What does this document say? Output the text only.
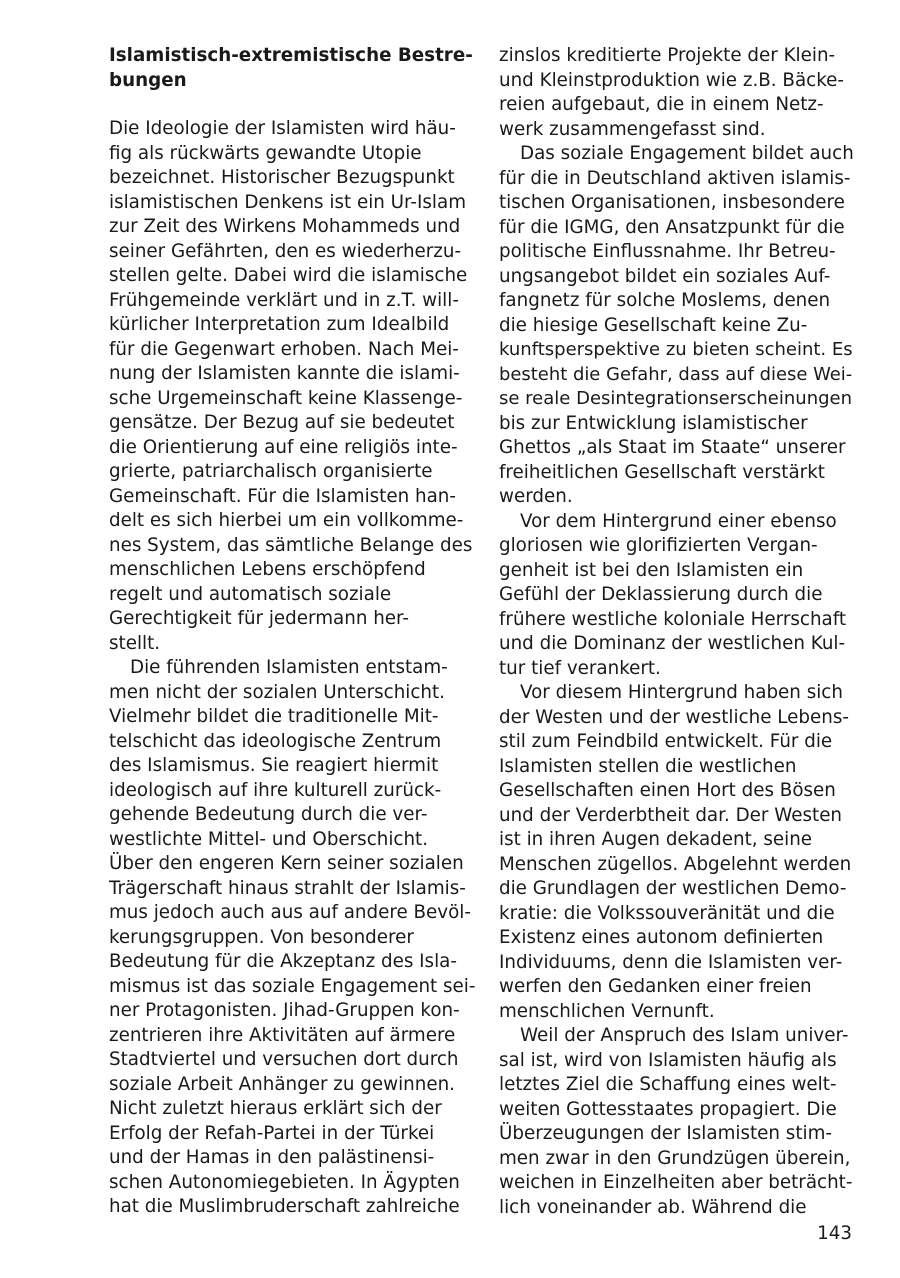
Islamistisch-extremistische Bestre-
bungen

Die Ideologie der Islamisten wird häu-
fig als rückwärts gewandte Utopie
bezeichnet. Historischer Bezugspunkt
islamistischen Denkens ist ein Ur-Islam
zur Zeit des Wirkens Mohammeds und
seiner Gefährten, den es wiederherzu-
stellen gelte. Dabei wird die islamische
Frühgemeinde verklärt und in z.T. will-
kürlicher Interpretation zum Idealbild
für die Gegenwart erhoben. Nach Mei-
nung der Islamisten kannte die islami-
sche Urgemeinschaft keine Klassenge-
gensätze. Der Bezug auf sie bedeutet
die Orientierung auf eine religiös inte-
grierte, patriarchalisch organisierte
Gemeinschaft. Für die Islamisten han-
delt es sich hierbei um ein vollkomme-
nes System, das sämtliche Belange des
menschlichen Lebens erschöpfend
regelt und automatisch soziale
Gerechtigkeit für jedermann her-
stellt.

Die führenden Islamisten entstam-
men nicht der sozialen Unterschicht.
Vielmehr bildet die traditionelle Mit-
telschicht das ideologische Zentrum
des Islamismus. Sie reagiert hiermit
ideologisch auf ihre kulturell zurück-
gehende Bedeutung durch die ver-
westlichte Mittel- und Oberschicht.
Über den engeren Kern seiner sozialen
Trägerschaft hinaus strahlt der Islamis-
mus jedoch auch aus auf andere Bevöl-
kerungsgruppen. Von besonderer
Bedeutung für die Akzeptanz des Isla-
mismus ist das soziale Engagement sei-
ner Protagonisten. Jihad-Gruppen kon-
zentrieren ihre Aktivitäten auf ärmere
Stadtviertel und versuchen dort durch
soziale Arbeit Anhänger zu gewinnen.
Nicht zuletzt hieraus erklärt sich der
Erfolg der Refah-Partei in der Türkei
und der Hamas in den palästinensi-
schen Autonomiegebieten. In Ägypten
hat die Muslimbruderschaft zahlreiche

zinslos kreditierte Projekte der Klein-
und Kleinstproduktion wie z.B. Bäcke-
reien aufgebaut, die in einem Netz-
werk zusammengefasst sind.

Das soziale Engagement bildet auch
für die in Deutschland aktiven islamis-
tischen Organisationen, insbesondere
für die IGMG, den Ansatzpunkt für die
politische Einflussnahme. Ihr Betreu-
ungsangebot bildet ein soziales Auf-
fangnetz für solche Moslems, denen
die hiesige Gesellschaft keine Zu-
kunftsperspektive zu bieten scheint. Es
besteht die Gefahr, dass auf diese Wei-
se reale Desintegrationserscheinungen
bis zur Entwicklung islamistischer
Ghettos „als Staat im Staate“ unserer
freiheitlichen Gesellschaft verstärkt
werden.

Vor dem Hintergrund einer ebenso
gloriosen wie glorifizierten Vergan-
genheit ist bei den Islamisten ein
Gefühl der Deklassierung durch die
frühere westliche koloniale Herrschaft
und die Dominanz der westlichen Kul-
tur tief verankert.

Vor diesem Hintergrund haben sich
der Westen und der westliche Lebens-
stil zum Feindbild entwickelt. Für die
Islamisten stellen die westlichen
Gesellschaften einen Hort des Bösen
und der Verderbtheit dar. Der Westen
ist in ihren Augen dekadent, seine
Menschen zügellos. Abgelehnt werden
die Grundlagen der westlichen Demo-
kratie: die Volkssouveränität und die
Existenz eines autonom definierten
Individuums, denn die Islamisten ver-
werfen den Gedanken einer freien
menschlichen Vernunft.

Weil der Anspruch des Islam univer-
sal ist, wird von Islamisten häufig als
letztes Ziel die Schaffung eines welt-
weiten Gottesstaates propagiert. Die
Überzeugungen der Islamisten stim-
men zwar in den Grundzügen überein,
weichen in Einzelheiten aber beträcht-
lich voneinander ab. Während die

143
